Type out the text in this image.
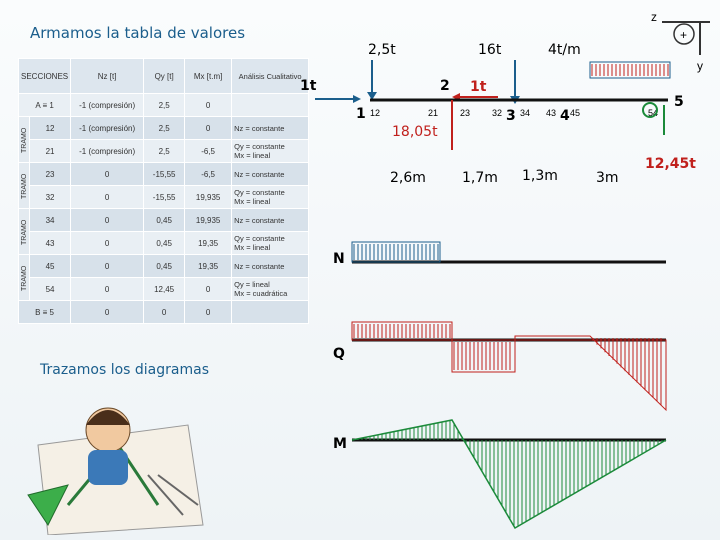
Armamos la tabla de valores
SECCIONES		Nz [t]	Qy [t]	Mx [t.m]	Análisis Cualitativo
A ≡ 1		-1 (compresión)	2,5	0	
TRAMO	12	-1 (compresión)	2,5	0	Nz = constante
	21	-1 (compresión)	2,5	-6,5	Qy = constante
Mx = lineal
TRAMO	23	0	-15,55	-6,5	Nz = constante
	32	0	-15,55	19,935	Qy = constante
Mx = lineal
TRAMO	34	0	0,45	19,935	Nz = constante
	43	0	0,45	19,35	Qy = constante
Mx = lineal
TRAMO	45	0	0,45	19,35	Nz = constante
	54	0	12,45	0	Qy = lineal
Mx = cuadrática
B ≡ 5		0	0	0	
Trazamos los diagramas
z
y
+
4t/m
2,5t	16t
1t	1t
1
2
3	4
5
12	21 23 32 34 43 45	54
18,05t
12,45t
2,6m	1,7m 1,3m	3m
N
Q
M
